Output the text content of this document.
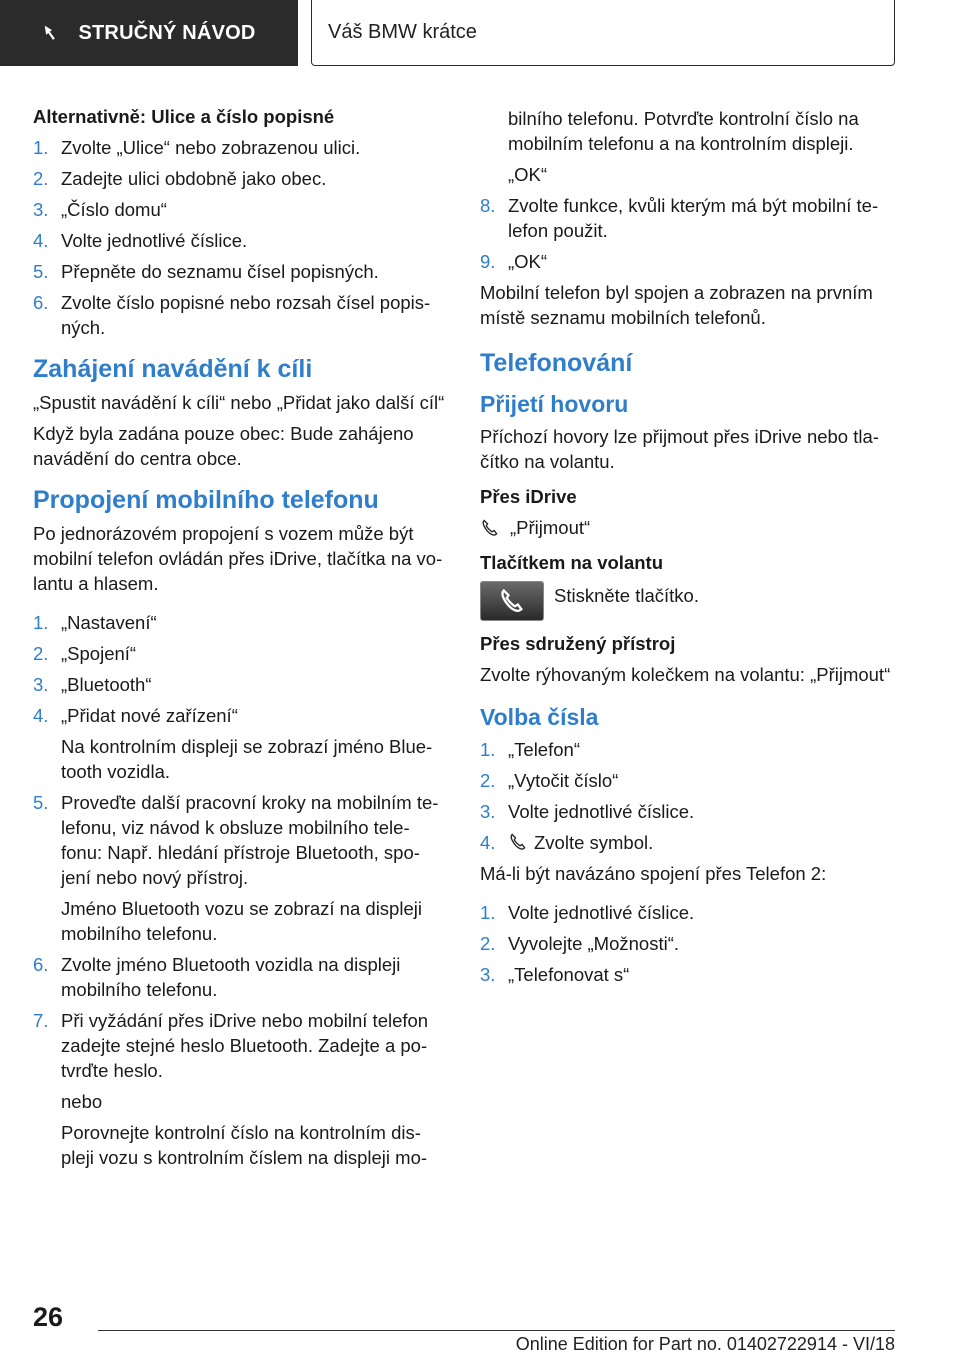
STRUČNÝ NÁVOD	Váš BMW krátce
Alternativně: Ulice a číslo popisné
1. Zvolte „Ulice“ nebo zobrazenou ulici.
2. Zadejte ulici obdobně jako obec.
3. „Číslo domu“
4. Volte jednotlivé číslice.
5. Přepněte do seznamu čísel popisných.
6. Zvolte číslo popisné nebo rozsah čísel popis-ných.
Zahájení navádění k cíli
„Spustit navádění k cíli“ nebo „Přidat jako další cíl“
Když byla zadána pouze obec: Bude zahájeno navádění do centra obce.
Propojení mobilního telefonu
Po jednorázovém propojení s vozem může být mobilní telefon ovládán přes iDrive, tlačítka na vo-lantu a hlasem.
1. „Nastavení“
2. „Spojení“
3. „Bluetooth“
4. „Přidat nové zařízení“
Na kontrolním displeji se zobrazí jméno Blue-tooth vozidla.
5. Proveďte další pracovní kroky na mobilním te-lefonu, viz návod k obsluze mobilního tele-fonu: Např. hledání přístroje Bluetooth, spo-jení nebo nový přístroj.
Jméno Bluetooth vozu se zobrazí na displeji mobilního telefonu.
6. Zvolte jméno Bluetooth vozidla na displeji mobilního telefonu.
7. Při vyžádání přes iDrive nebo mobilní telefon zadejte stejné heslo Bluetooth. Zadejte a po-tvrďte heslo.
nebo
Porovnejte kontrolní číslo na kontrolním dis-pleji vozu s kontrolním číslem na displeji mo-
bilního telefonu. Potvrďte kontrolní číslo na mobilním telefonu a na kontrolním displeji.
„OK“
8. Zvolte funkce, kvůli kterým má být mobilní te-lefon použit.
9. „OK“
Mobilní telefon byl spojen a zobrazen na prvním místě seznamu mobilních telefonů.
Telefonování
Přijetí hovoru
Příchozí hovory lze přijmout přes iDrive nebo tla-čítko na volantu.
Přes iDrive
„Přijmout“
Tlačítkem na volantu
Stiskněte tlačítko.
Přes sdružený přístroj
Zvolte rýhovaným kolečkem na volantu: „Přijmout“
Volba čísla
1. „Telefon“
2. „Vytočit číslo“
3. Volte jednotlivé číslice.
4. Zvolte symbol.
Má-li být navázáno spojení přes Telefon 2:
1. Volte jednotlivé číslice.
2. Vyvolejte „Možnosti“.
3. „Telefonovat s“
26
Online Edition for Part no. 01402722914 - VI/18
